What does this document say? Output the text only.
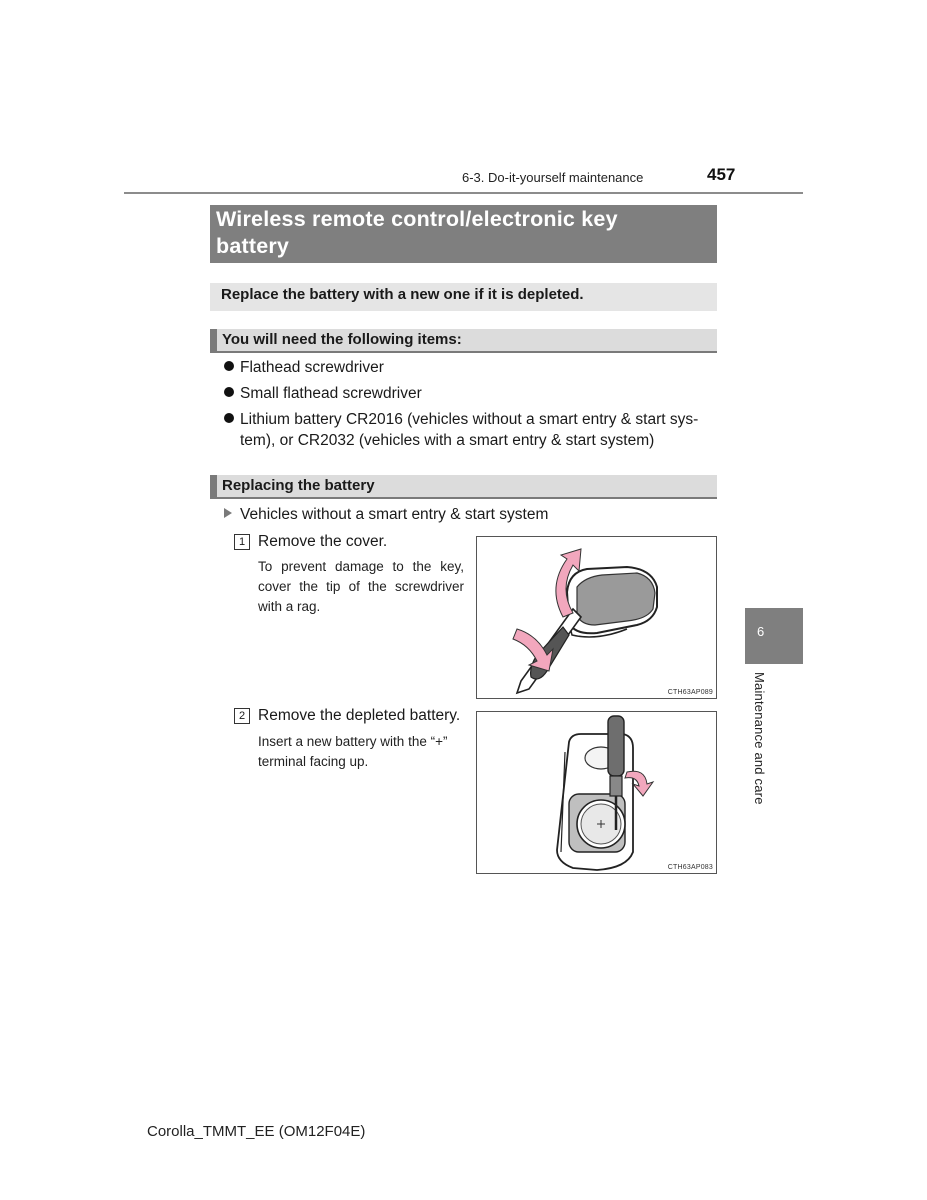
6-3. Do-it-yourself maintenance	457
Wireless remote control/electronic key
battery
Replace the battery with a new one if it is depleted.
You will need the following items:
Flathead screwdriver
Small flathead screwdriver
Lithium battery CR2016 (vehicles without a smart entry & start sys-
tem), or CR2032 (vehicles with a smart entry & start system)
Replacing the battery
Vehicles without a smart entry & start system
1 Remove the cover.
To prevent damage to the key,
cover the tip of the screwdriver
with a rag.
CTH63AP089
2 Remove the depleted battery.
Insert a new battery with the “+”
terminal facing up.
CTH63AP083
6
Maintenance and care
Corolla_TMMT_EE (OM12F04E)
